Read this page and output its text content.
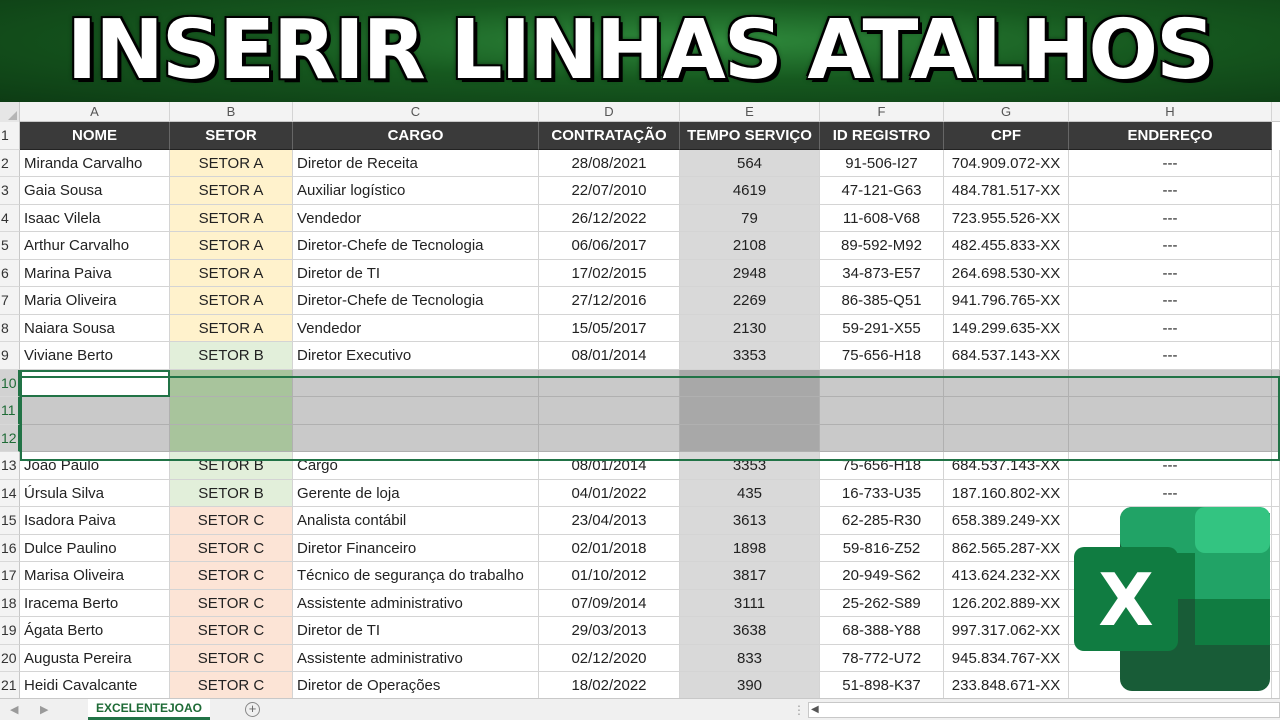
INSERIR LINHAS ATALHOS
A	B	C	D	E	F	G	H
1	NOME	SETOR	CARGO	CONTRATAÇÃO	TEMPO SERVIÇO	ID REGISTRO	CPF	ENDEREÇO
2	Miranda Carvalho	SETOR A	Diretor de Receita	28/08/2021	564	91-506-I27	704.909.072-XX	---
3	Gaia Sousa	SETOR A	Auxiliar logístico	22/07/2010	4619	47-121-G63	484.781.517-XX	---
4	Isaac Vilela	SETOR A	Vendedor	26/12/2022	79	11-608-V68	723.955.526-XX	---
5	Arthur Carvalho	SETOR A	Diretor-Chefe de Tecnologia	06/06/2017	2108	89-592-M92	482.455.833-XX	---
6	Marina Paiva	SETOR A	Diretor de TI	17/02/2015	2948	34-873-E57	264.698.530-XX	---
7	Maria Oliveira	SETOR A	Diretor-Chefe de Tecnologia	27/12/2016	2269	86-385-Q51	941.796.765-XX	---
8	Naiara Sousa	SETOR A	Vendedor	15/05/2017	2130	59-291-X55	149.299.635-XX	---
9	Viviane Berto	SETOR B	Diretor Executivo	08/01/2014	3353	75-656-H18	684.537.143-XX	---
10
11
12
13 João Paulo	SETOR B	Cargo	08/01/2014	3353	75-656-H18	684.537.143-XX	---
14 Úrsula Silva	SETOR B	Gerente de loja	04/01/2022	435	16-733-U35	187.160.802-XX	---
15 Isadora Paiva	SETOR C	Analista contábil	23/04/2013	3613	62-285-R30	658.389.249-XX
16 Dulce Paulino	SETOR C	Diretor Financeiro	02/01/2018	1898	59-816-Z52	862.565.287-XX
17 Marisa Oliveira	SETOR C	Técnico de segurança do trabalho	01/10/2012	3817	20-949-S62	413.624.232-XX
18 Iracema Berto	SETOR C	Assistente administrativo	07/09/2014	3111	25-262-S89	126.202.889-XX
19 Ágata Berto	SETOR C	Diretor de TI	29/03/2013	3638	68-388-Y88	997.317.062-XX
20 Augusta Pereira	SETOR C	Assistente administrativo	02/12/2020	833	78-772-U72	945.834.767-XX
21 Heidi Cavalcante	SETOR C	Diretor de Operações	18/02/2022	390	51-898-K37	233.848.671-XX
◀ ▶	EXCELENTEJOAO	+	⋮ ◀
X
